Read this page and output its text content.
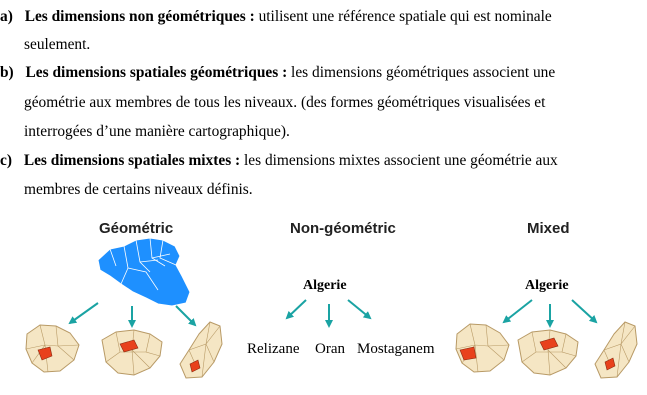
a) Les dimensions non géométriques : utilisent une référence spatiale qui est nominale
seulement.
b) Les dimensions spatiales géométriques : les dimensions géométriques associent une
géométrie aux membres de tous les niveaux. (des formes géométriques visualisées et
interrogées d’une manière cartographique).
c) Les dimensions spatiales mixtes : les dimensions mixtes associent une géométrie aux
membres de certains niveaux définis.
Géométric	Non-géométric	Mixed
Algerie
Relizane Oran Mostaganem
Algerie
